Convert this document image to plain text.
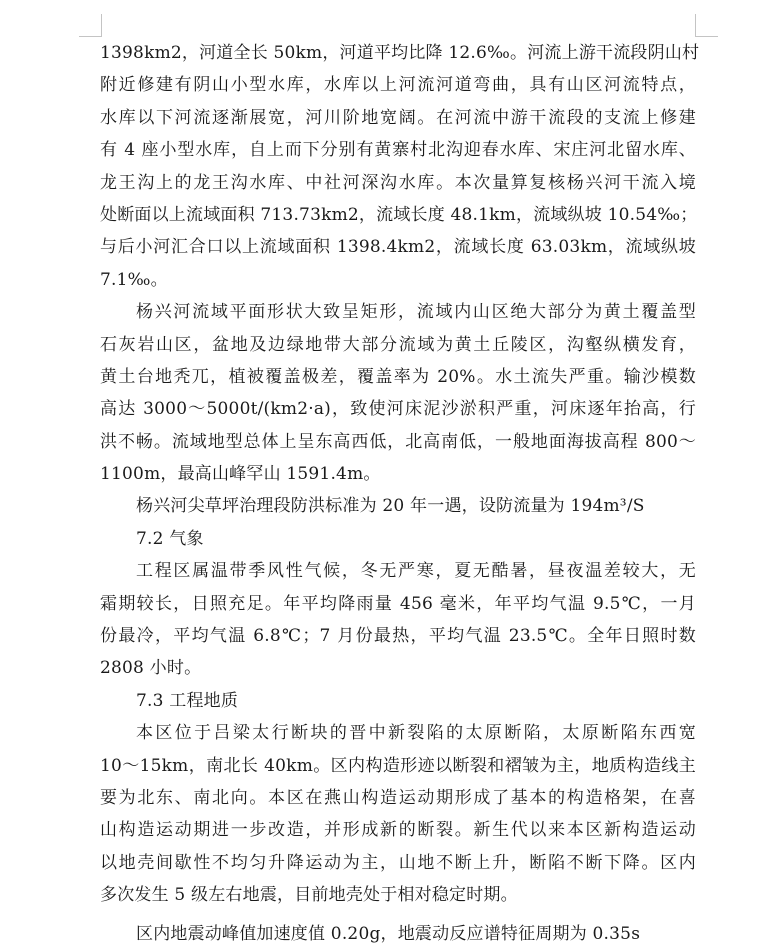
1398km2，河道全长 50km，河道平均比降 12.6‰。河流上游干流段阴山村
附近修建有阴山小型水库，水库以上河流河道弯曲，具有山区河流特点，
水库以下河流逐渐展宽，河川阶地宽阔。在河流中游干流段的支流上修建
有 4 座小型水库，自上而下分别有黄寨村北沟迎春水库、宋庄河北留水库、
龙王沟上的龙王沟水库、中社河深沟水库。本次量算复核杨兴河干流入境
处断面以上流域面积 713.73km2，流域长度 48.1km，流域纵坡 10.54‰；
与后小河汇合口以上流域面积 1398.4km2，流域长度 63.03km，流域纵坡
7.1‰。
杨兴河流域平面形状大致呈矩形，流域内山区绝大部分为黄土覆盖型
石灰岩山区，盆地及边绿地带大部分流域为黄土丘陵区，沟壑纵横发育，
黄土台地秃兀，植被覆盖极差，覆盖率为 20%。水土流失严重。输沙模数
高达 3000～5000t/(km2·a)，致使河床泥沙淤积严重，河床逐年抬高，行
洪不畅。流域地型总体上呈东高西低，北高南低，一般地面海拔高程 800～
1100m，最高山峰罕山 1591.4m。
杨兴河尖草坪治理段防洪标准为 20 年一遇，设防流量为 194m³/S
7.2 气象
工程区属温带季风性气候，冬无严寒，夏无酷暑，昼夜温差较大，无
霜期较长，日照充足。年平均降雨量 456 毫米，年平均气温 9.5℃，一月
份最冷，平均气温 6.8℃；7 月份最热，平均气温 23.5℃。全年日照时数
2808 小时。
7.3 工程地质
本区位于吕梁太行断块的晋中新裂陷的太原断陷，太原断陷东西宽
10～15km，南北长 40km。区内构造形迹以断裂和褶皱为主，地质构造线主
要为北东、南北向。本区在燕山构造运动期形成了基本的构造格架，在喜
山构造运动期进一步改造，并形成新的断裂。新生代以来本区新构造运动
以地壳间歇性不均匀升降运动为主，山地不断上升，断陷不断下降。区内
多次发生 5 级左右地震，目前地壳处于相对稳定时期。
区内地震动峰值加速度值 0.20g，地震动反应谱特征周期为 0.35s
